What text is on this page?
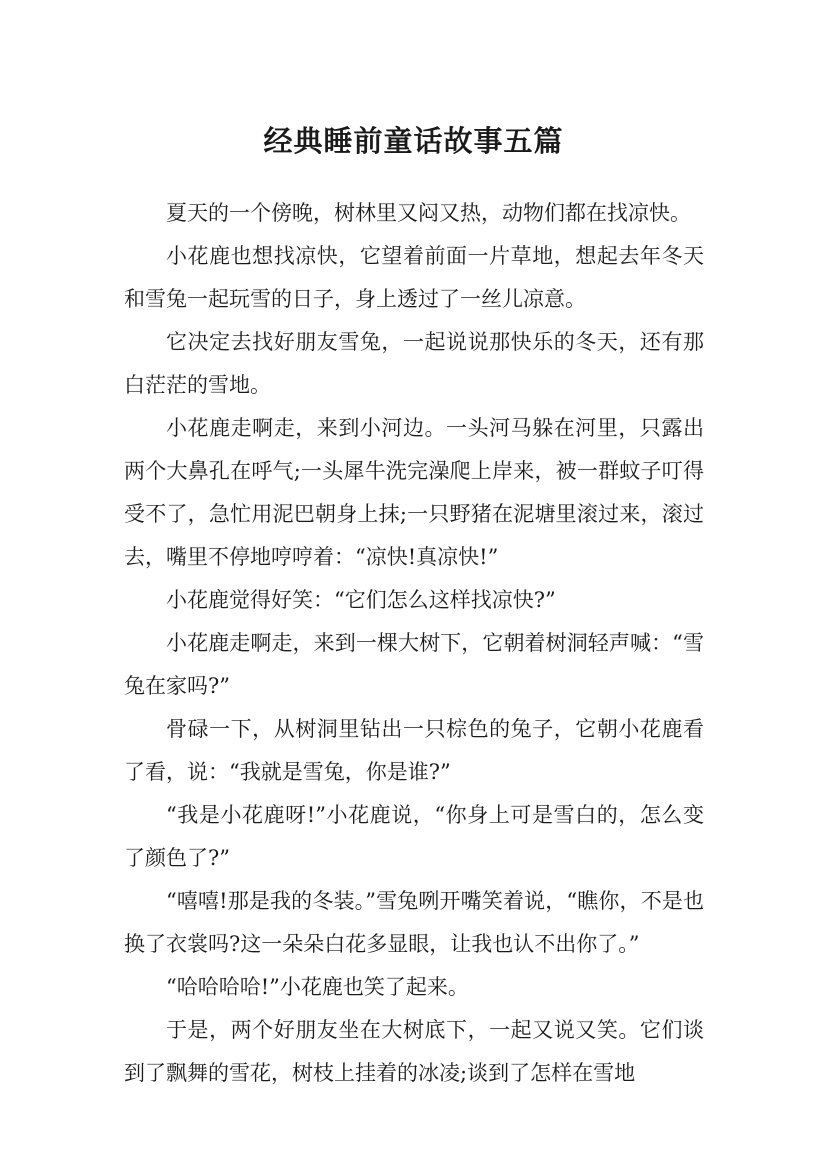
经典睡前童话故事五篇

夏天的一个傍晚，树林里又闷又热，动物们都在找凉快。

小花鹿也想找凉快，它望着前面一片草地，想起去年冬天和雪兔一起玩雪的日子，身上透过了一丝儿凉意。

它决定去找好朋友雪兔，一起说说那快乐的冬天，还有那白茫茫的雪地。

小花鹿走啊走，来到小河边。一头河马躲在河里，只露出两个大鼻孔在呼气;一头犀牛洗完澡爬上岸来，被一群蚊子叮得受不了，急忙用泥巴朝身上抹;一只野猪在泥塘里滚过来，滚过去，嘴里不停地哼哼着：“凉快!真凉快!”

小花鹿觉得好笑：“它们怎么这样找凉快?”

小花鹿走啊走，来到一棵大树下，它朝着树洞轻声喊：“雪兔在家吗?”

骨碌一下，从树洞里钻出一只棕色的兔子，它朝小花鹿看了看，说：“我就是雪兔，你是谁?”

“我是小花鹿呀!”小花鹿说，“你身上可是雪白的，怎么变了颜色了?”

“嘻嘻!那是我的冬装。”雪兔咧开嘴笑着说，“瞧你，不是也换了衣裳吗?这一朵朵白花多显眼，让我也认不出你了。”

“哈哈哈哈!”小花鹿也笑了起来。

于是，两个好朋友坐在大树底下，一起又说又笑。它们谈到了飘舞的雪花，树枝上挂着的冰凌;谈到了怎样在雪地
